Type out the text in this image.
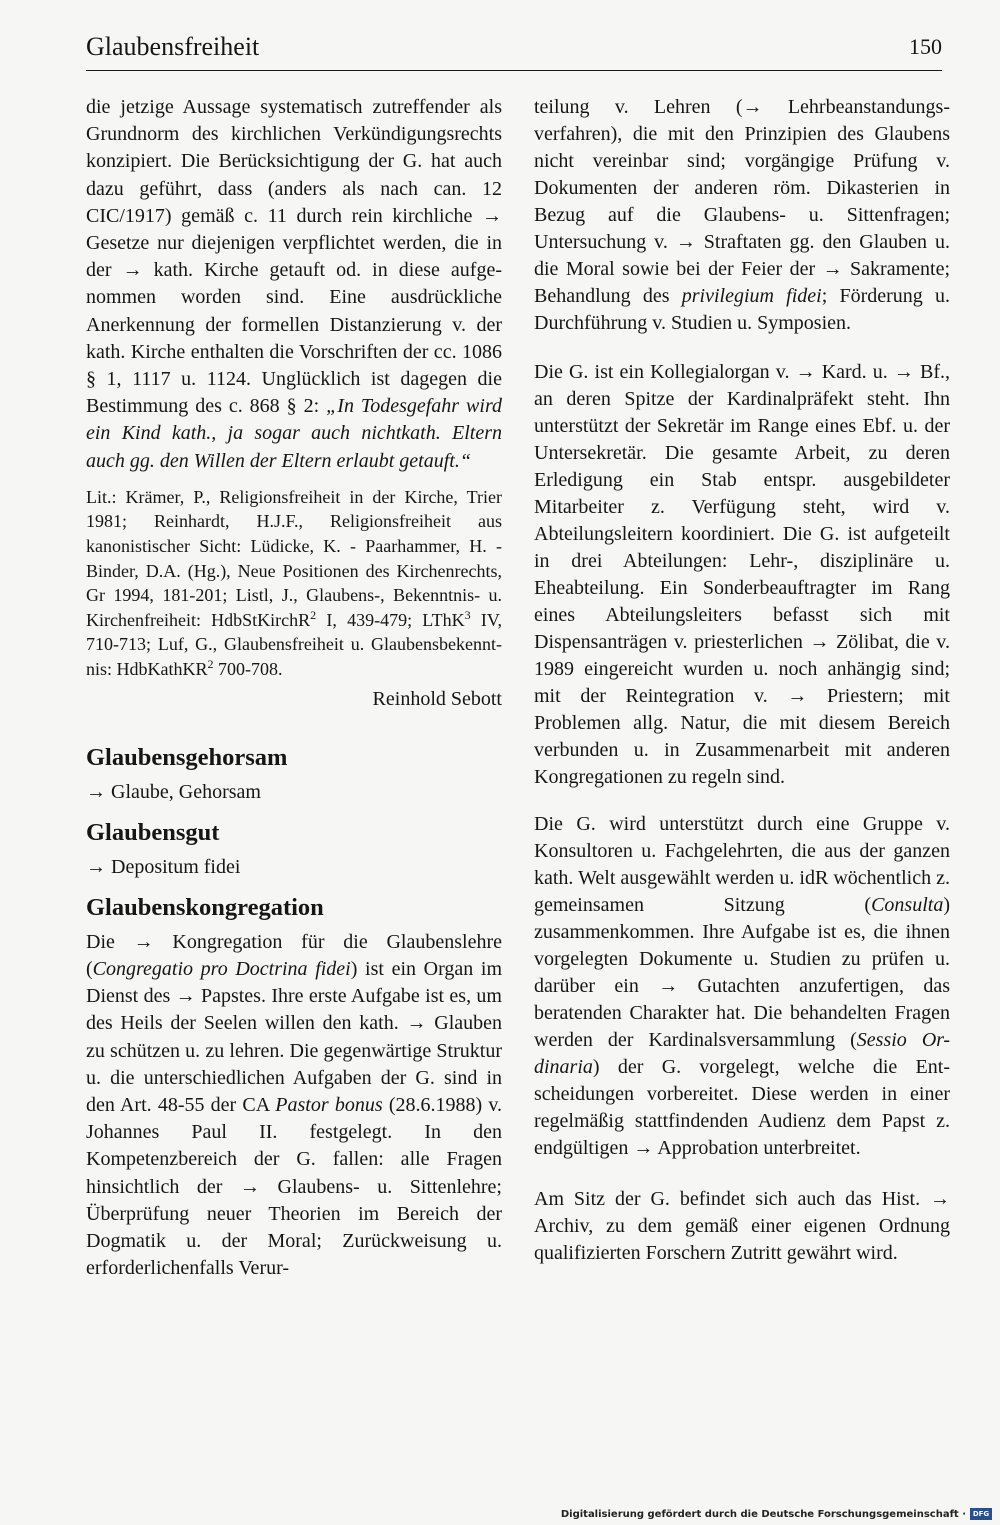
Glaubensfreiheit	150

die jetzige Aussage systematisch zutreffender als Grundnorm des kirchlichen Verkündigungsrechts konzipiert. Die Berücksichtigung der G. hat auch dazu geführt, dass (anders als nach can. 12 CIC/1917) gemäß c. 11 durch rein kirchliche → Gesetze nur diejenigen verpflichtet werden, die in der → kath. Kirche getauft od. in diese aufgenommen worden sind. Eine ausdrückliche Anerkennung der formellen Distanzierung v. der kath. Kirche enthalten die Vorschriften der cc. 1086 § 1, 1117 u. 1124. Unglücklich ist dagegen die Bestimmung des c. 868 § 2: „In Todesgefahr wird ein Kind kath., ja sogar auch nichtkath. Eltern auch gg. den Willen der Eltern erlaubt getauft.“

Lit.: Krämer, P., Religionsfreiheit in der Kirche, Trier 1981; Reinhardt, H.J.F., Religionsfreiheit aus kanonistischer Sicht: Lüdicke, K. - Paarhammer, H. - Binder, D.A. (Hg.), Neue Positionen des Kirchenrechts, Gr 1994, 181-201; Listl, J., Glaubens-, Bekenntnis- u. Kirchenfreiheit: HdbStKirchR$^2$ I, 439-479; LThK$^3$ IV, 710-713; Luf, G., Glaubensfreiheit u. Glaubensbekenntnis: HdbKathKR$^2$ 700-708.
Reinhold Sebott
Glaubensgehorsam
→ Glaube, Gehorsam
Glaubensgut
→ Depositum fidei
Glaubenskongregation

Die → Kongregation für die Glaubenslehre (Congregatio pro Doctrina fidei) ist ein Organ im Dienst des → Papstes. Ihre erste Aufgabe ist es, um des Heils der Seelen willen den kath. → Glauben zu schützen u. zu lehren. Die gegenwärtige Struktur u. die unterschiedlichen Aufgaben der G. sind in den Art. 48-55 der CA Pastor bonus (28.6.1988) v. Johannes Paul II. festgelegt. In den Kompetenzbereich der G. fallen: alle Fragen hinsichtlich der → Glaubens- u. Sittenlehre; Überprüfung neuer Theorien im Bereich der Dogmatik u. der Moral; Zurückweisung u. erforderlichenfalls Verur-

teilung v. Lehren (→ Lehrbeanstandungsverfahren), die mit den Prinzipien des Glaubens nicht vereinbar sind; vorgängige Prüfung v. Dokumenten der anderen röm. Dikasterien in Bezug auf die Glaubens- u. Sittenfragen; Untersuchung v. → Straftaten gg. den Glauben u. die Moral sowie bei der Feier der → Sakramente; Behandlung des privilegium fidei; Förderung u. Durchführung v. Studien u. Symposien.

Die G. ist ein Kollegialorgan v. → Kard. u. → Bf., an deren Spitze der Kardinalpräfekt steht. Ihn unterstützt der Sekretär im Range eines Ebf. u. der Untersekretär. Die gesamte Arbeit, zu deren Erledigung ein Stab entspr. ausgebildeter Mitarbeiter z. Verfügung steht, wird v. Abteilungsleitern koordiniert. Die G. ist aufgeteilt in drei Abteilungen: Lehr-, disziplinäre u. Eheabteilung. Ein Sonderbeauftragter im Rang eines Abteilungsleiters befasst sich mit Dispensanträgen v. priesterlichen → Zölibat, die v. 1989 eingereicht wurden u. noch anhängig sind; mit der Reintegration v. → Priestern; mit Problemen allg. Natur, die mit diesem Bereich verbunden u. in Zusammenarbeit mit anderen Kongregationen zu regeln sind.

Die G. wird unterstützt durch eine Gruppe v. Konsultoren u. Fachgelehrten, die aus der ganzen kath. Welt ausgewählt werden u. idR wöchentlich z. gemeinsamen Sitzung	(Consulta) zusammenkommen. Ihre Aufgabe ist es, die ihnen vorgelegten Dokumente u. Studien zu prüfen u. darüber ein → Gutachten anzufertigen, das beratenden Charakter hat. Die behandelten Fragen werden der Kardinalsversammlung (Sessio Ordinaria) der G. vorgelegt, welche die Entscheidungen vorbereitet. Diese werden in einer regelmäßig stattfindenden Audienz dem Papst z. endgültigen → Approbation unterbreitet.

Am Sitz der G. befindet sich auch das Hist. → Archiv, zu dem gemäß einer eigenen Ordnung qualifizierten Forschern Zutritt gewährt wird.

Digitalisierung gefördert durch die Deutsche Forschungsgemeinschaft · DFG
